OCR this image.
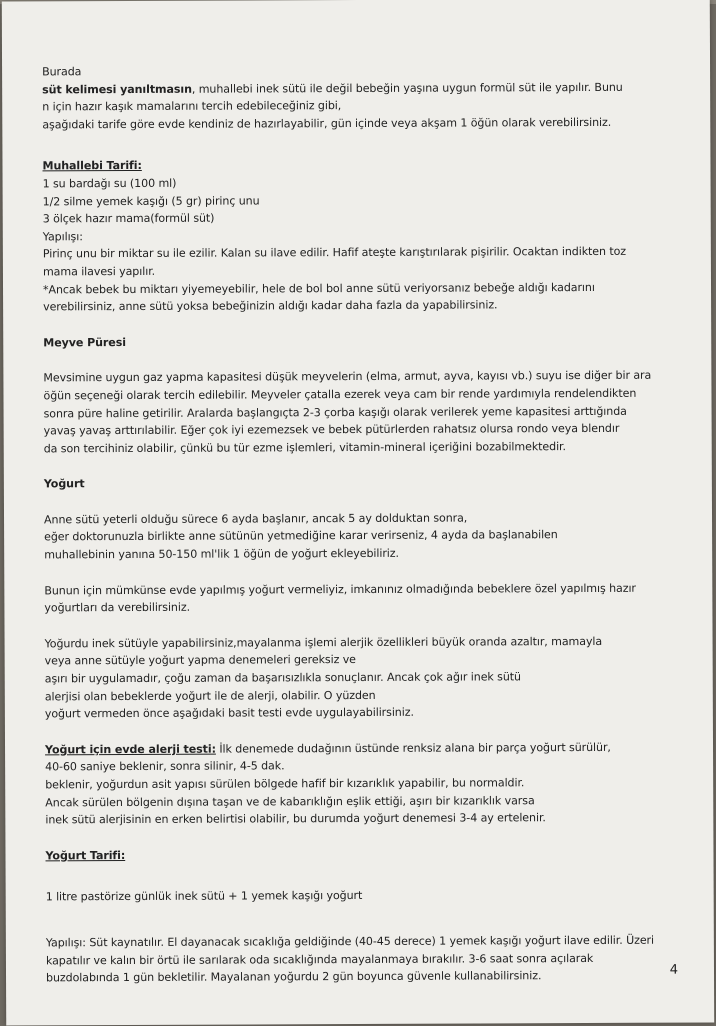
Burada
süt kelimesi yanıltmasın, muhallebi inek sütü ile değil bebeğin yaşına uygun formül süt ile yapılır. Bunu
n için hazır kaşık mamalarını tercih edebileceğiniz gibi,
aşağıdaki tarife göre evde kendiniz de hazırlayabilir, gün içinde veya akşam 1 öğün olarak verebilirsiniz.
Muhallebi Tarifi:
1 su bardağı su (100 ml)
1/2 silme yemek kaşığı (5 gr) pirinç unu
3 ölçek hazır mama(formül süt)
Yapılışı:
Pirinç unu bir miktar su ile ezilir. Kalan su ilave edilir. Hafif ateşte karıştırılarak pişirilir. Ocaktan indikten toz
mama ilavesi yapılır.
*Ancak bebek bu miktarı yiyemeyebilir, hele de bol bol anne sütü veriyorsanız bebeğe aldığı kadarını
verebilirsiniz, anne sütü yoksa bebeğinizin aldığı kadar daha fazla da yapabilirsiniz.
Meyve Püresi
Mevsimine uygun gaz yapma kapasitesi düşük meyvelerin (elma, armut, ayva, kayısı vb.) suyu ise diğer bir ara
öğün seçeneği olarak tercih edilebilir. Meyveler çatalla ezerek veya cam bir rende yardımıyla rendelendikten
sonra püre haline getirilir. Aralarda başlangıçta 2-3 çorba kaşığı olarak verilerek yeme kapasitesi arttığında
yavaş yavaş arttırılabilir. Eğer çok iyi ezemezsek ve bebek pütürlerden rahatsız olursa rondo veya blendır
da son tercihiniz olabilir, çünkü bu tür ezme işlemleri, vitamin-mineral içeriğini bozabilmektedir.
Yoğurt
Anne sütü yeterli olduğu sürece 6 ayda başlanır, ancak 5 ay dolduktan sonra,
eğer doktorunuzla birlikte anne sütünün yetmediğine karar verirseniz, 4 ayda da başlanabilen
muhallebinin yanına 50-150 ml'lik 1 öğün de yoğurt ekleyebiliriz.
Bunun için mümkünse evde yapılmış yoğurt vermeliyiz, imkanınız olmadığında bebeklere özel yapılmış hazır
yoğurtları da verebilirsiniz.
Yoğurdu inek sütüyle yapabilirsiniz,mayalanma işlemi alerjik özellikleri büyük oranda azaltır, mamayla
veya anne sütüyle yoğurt yapma denemeleri gereksiz ve
aşırı bir uygulamadır, çoğu zaman da başarısızlıkla sonuçlanır. Ancak çok ağır inek sütü
alerjisi olan bebeklerde yoğurt ile de alerji, olabilir. O yüzden
yoğurt vermeden önce aşağıdaki basit testi evde uygulayabilirsiniz.
Yoğurt için evde alerji testi: İlk denemede dudağının üstünde renksiz alana bir parça yoğurt sürülür,
40-60 saniye beklenir, sonra silinir, 4-5 dak.
beklenir, yoğurdun asit yapısı sürülen bölgede hafif bir kızarıklık yapabilir, bu normaldir.
Ancak sürülen bölgenin dışına taşan ve de kabarıklığın eşlik ettiği, aşırı bir kızarıklık varsa
inek sütü alerjisinin en erken belirtisi olabilir, bu durumda yoğurt denemesi 3-4 ay ertelenir.
Yoğurt Tarifi:
1 litre pastörize günlük inek sütü + 1 yemek kaşığı yoğurt
Yapılışı: Süt kaynatılır. El dayanacak sıcaklığa geldiğinde (40-45 derece) 1 yemek kaşığı yoğurt ilave edilir. Üzeri
kapatılır ve kalın bir örtü ile sarılarak oda sıcaklığında mayalanmaya bırakılır. 3-6 saat sonra açılarak
buzdolabında 1 gün bekletilir. Mayalanan yoğurdu 2 gün boyunca güvenle kullanabilirsiniz.	4
